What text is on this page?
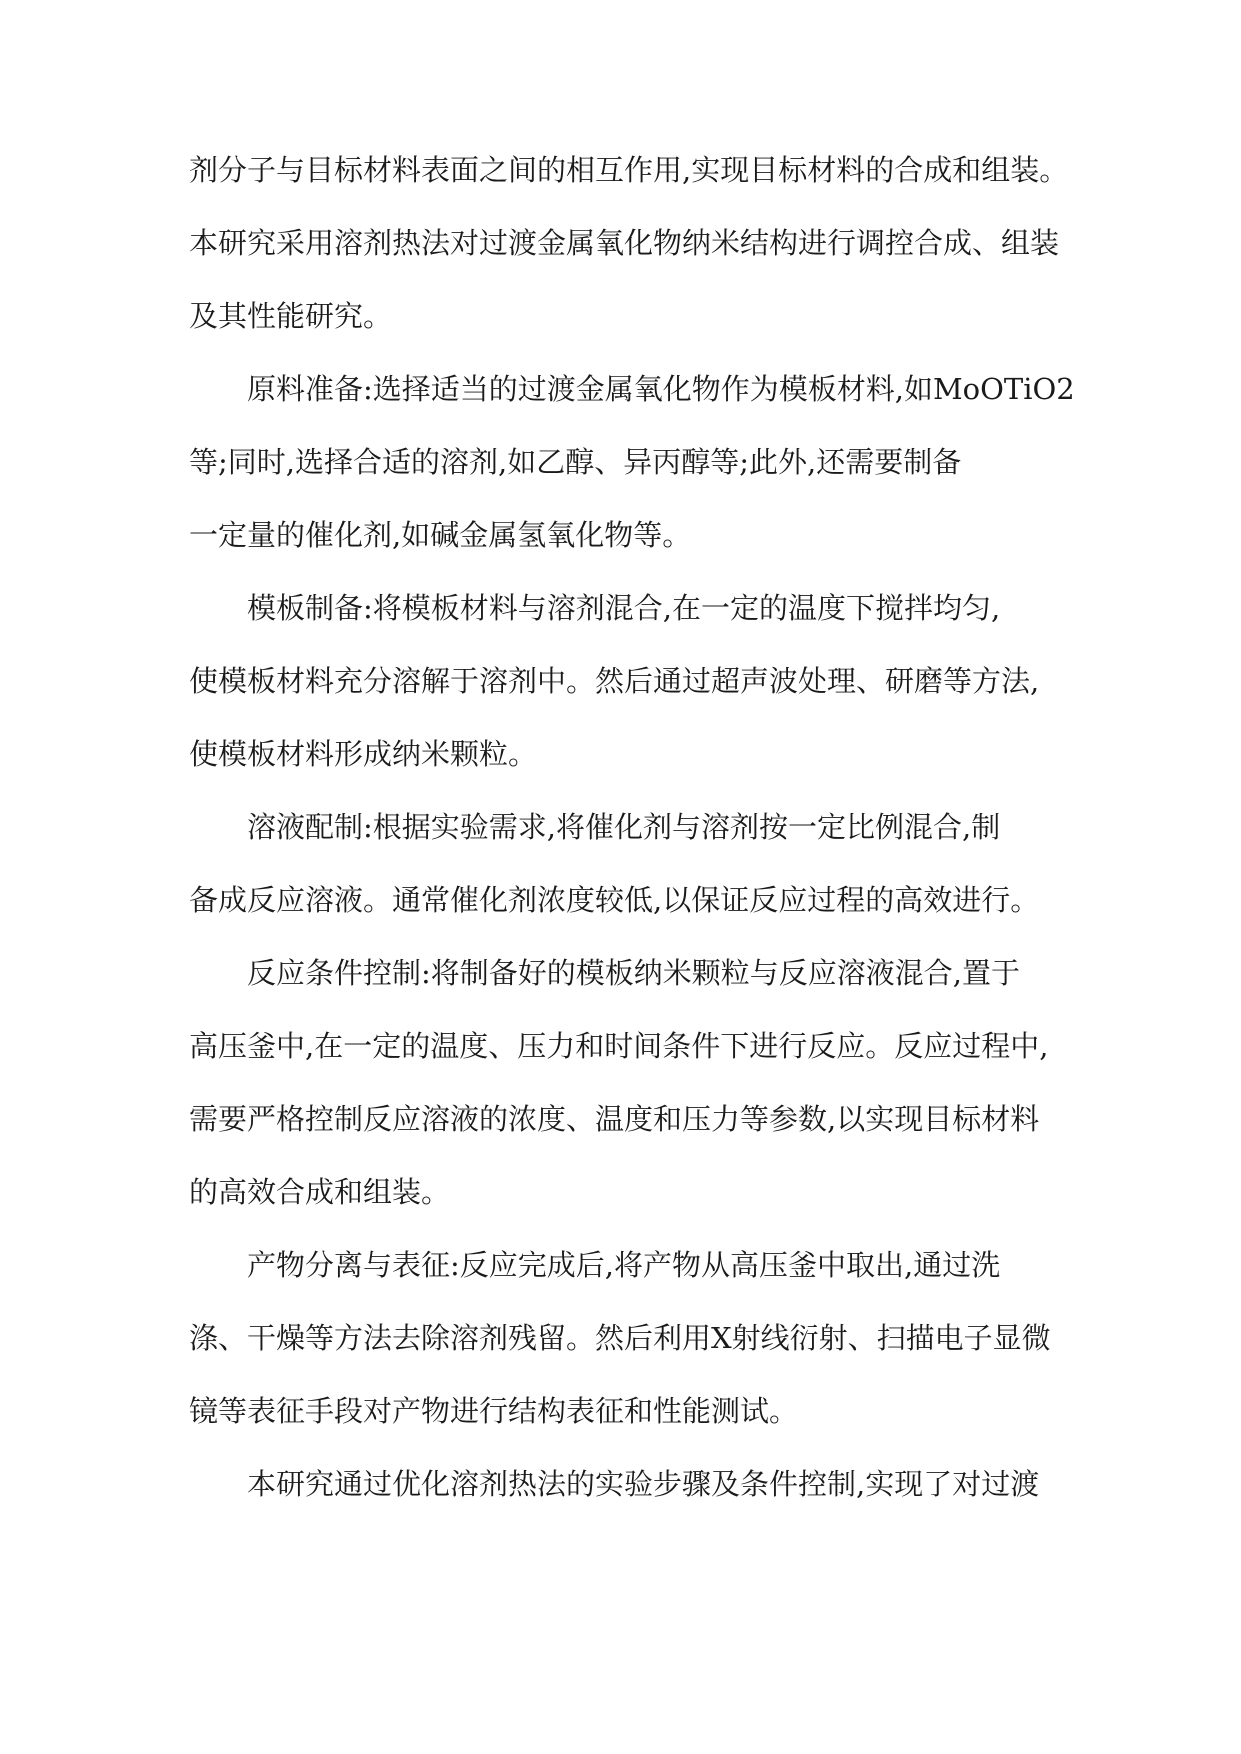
剂分子与目标材料表面之间的相互作用,实现目标材料的合成和组装。
本研究采用溶剂热法对过渡金属氧化物纳米结构进行调控合成、组装
及其性能研究。
原料准备:选择适当的过渡金属氧化物作为模板材料,如MoOTiO2
等;同时,选择合适的溶剂,如乙醇、异丙醇等;此外,还需要制备
一定量的催化剂,如碱金属氢氧化物等。
模板制备:将模板材料与溶剂混合,在一定的温度下搅拌均匀,
使模板材料充分溶解于溶剂中。然后通过超声波处理、研磨等方法,
使模板材料形成纳米颗粒。
溶液配制:根据实验需求,将催化剂与溶剂按一定比例混合,制
备成反应溶液。通常催化剂浓度较低,以保证反应过程的高效进行。
反应条件控制:将制备好的模板纳米颗粒与反应溶液混合,置于
高压釜中,在一定的温度、压力和时间条件下进行反应。反应过程中,
需要严格控制反应溶液的浓度、温度和压力等参数,以实现目标材料
的高效合成和组装。
产物分离与表征:反应完成后,将产物从高压釜中取出,通过洗
涤、干燥等方法去除溶剂残留。然后利用X射线衍射、扫描电子显微
镜等表征手段对产物进行结构表征和性能测试。
本研究通过优化溶剂热法的实验步骤及条件控制,实现了对过渡
